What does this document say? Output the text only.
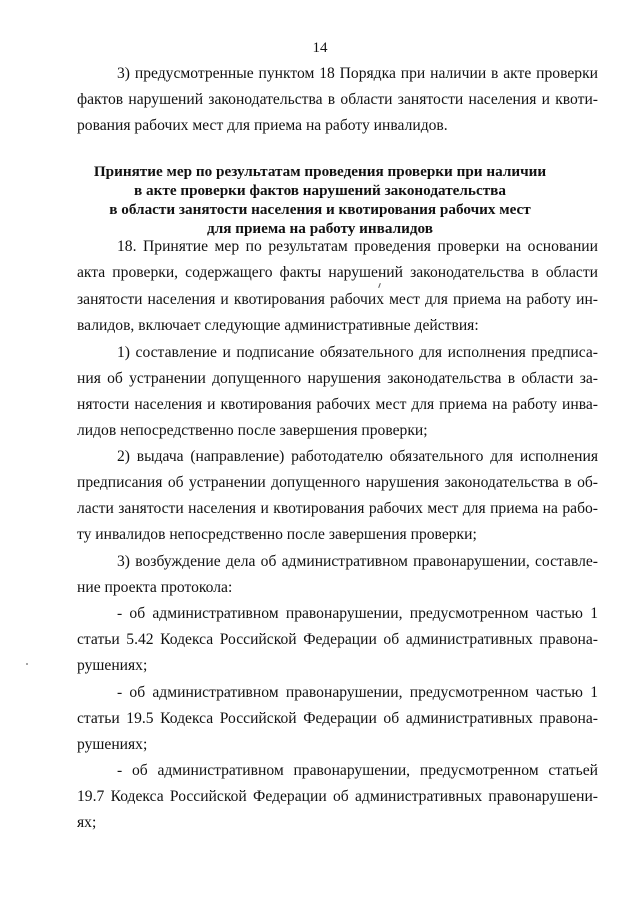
14
3) предусмотренные пунктом 18 Порядка при наличии в акте проверки
фактов нарушений законодательства в области занятости населения и квоти-
рования рабочих мест для приема на работу инвалидов.
Принятие мер по результатам проведения проверки при наличии
в акте проверки фактов нарушений законодательства
в области занятости населения и квотирования рабочих мест
для приема на работу инвалидов
18. Принятие мер по результатам проведения проверки на основании
акта проверки, содержащего факты нарушений законодательства в области
занятости населения и квотирования рабочих мест для приема на работу ин-
валидов, включает следующие административные действия:
1) составление и подписание обязательного для исполнения предписа-
ния об устранении допущенного нарушения законодательства в области за-
нятости населения и квотирования рабочих мест для приема на работу инва-
лидов непосредственно после завершения проверки;
2) выдача (направление) работодателю обязательного для исполнения
предписания об устранении допущенного нарушения законодательства в об-
ласти занятости населения и квотирования рабочих мест для приема на рабо-
ту инвалидов непосредственно после завершения проверки;
3) возбуждение дела об административном правонарушении, составле-
ние проекта протокола:
- об административном правонарушении, предусмотренном частью 1
статьи 5.42 Кодекса Российской Федерации об административных правона-
рушениях;
- об административном правонарушении, предусмотренном частью 1
статьи 19.5 Кодекса Российской Федерации об административных правона-
рушениях;
- об административном правонарушении, предусмотренном статьей
19.7 Кодекса Российской Федерации об административных правонарушени-
ях;
